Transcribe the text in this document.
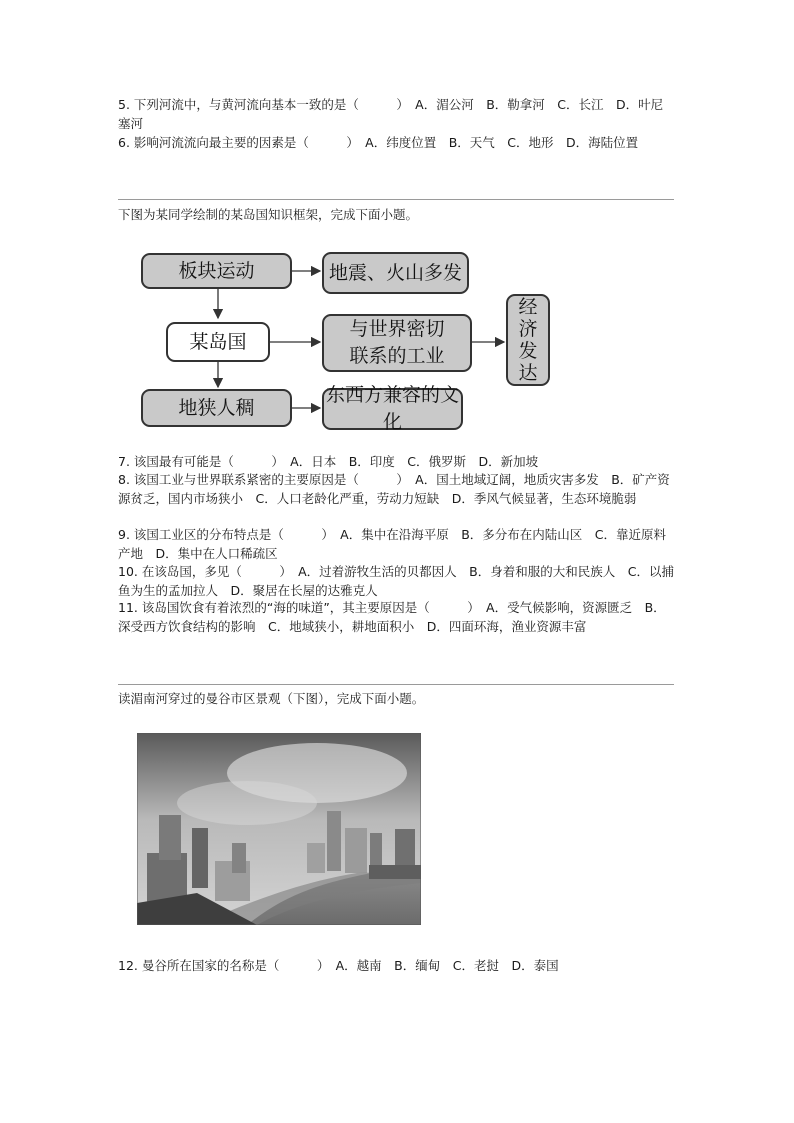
5. 下列河流中，与黄河流向基本一致的是（　　　）　A．湄公河　B．勒拿河　C．长江　D．叶尼塞河
6. 影响河流流向最主要的因素是（　　　）　A．纬度位置　B．天气　C．地形　D．海陆位置
下图为某同学绘制的某岛国知识框架，完成下面小题。
板块运动	地震、火山多发
某岛国
与世界密切
联系的工业
经济发达
地狭人稠
东西方兼容的文化
7. 该国最有可能是（　　　）　A．日本　B．印度　C．俄罗斯　D．新加坡
8. 该国工业与世界联系紧密的主要原因是（　　　）　A．国土地域辽阔，地质灾害多发　B．矿产资源贫乏，国内市场狭小　C．人口老龄化严重，劳动力短缺　D．季风气候显著，生态环境脆弱
9. 该国工业区的分布特点是（　　　）　A．集中在沿海平原　B．多分布在内陆山区　C．靠近原料产地　D．集中在人口稀疏区
10. 在该岛国，多见（　　　）　A．过着游牧生活的贝都因人　B．身着和服的大和民族人　C．以捕鱼为生的孟加拉人　D．聚居在长屋的达雅克人
11. 该岛国饮食有着浓烈的“海的味道”，其主要原因是（　　　）　A．受气候影响，资源匮乏　B．深受西方饮食结构的影响　C．地域狭小，耕地面积小　D．四面环海，渔业资源丰富
读湄南河穿过的曼谷市区景观（下图），完成下面小题。
12. 曼谷所在国家的名称是（　　　）　A．越南　B．缅甸　C．老挝　D．泰国
